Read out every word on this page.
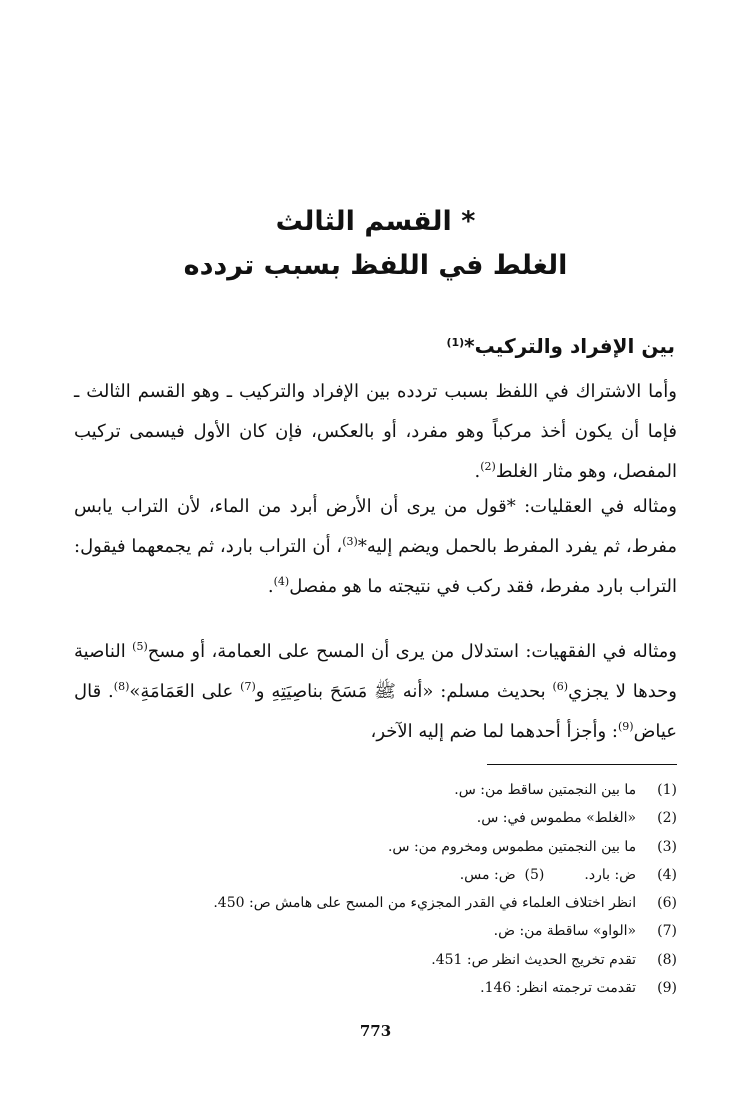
* القسم الثالث
الغلط في اللفظ بسبب تردده
بين الإفراد والتركيب*$^{(1)}$

وأما الاشتراك في اللفظ بسبب تردده بين الإفراد والتركيب ـ وهو القسم الثالث ـ فإما أن يكون أخذ مركباً وهو مفرد، أو بالعكس، فإن كان الأول فيسمى تركيب المفصل، وهو مثار الغلط$^{(2)}$.

ومثاله في العقليات: *قول من يرى أن الأرض أبرد من الماء، لأن التراب يابس مفرط، ثم يفرد المفرط بالحمل ويضم إليه*$^{(3)}$، أن التراب بارد، ثم يجمعهما فيقول: التراب بارد مفرط، فقد ركب في نتيجته ما هو مفصل$^{(4)}$.

ومثاله في الفقهيات: استدلال من يرى أن المسح على العمامة، أو مسح$^{(5)}$ الناصية وحدها لا يجزي$^{(6)}$ بحديث مسلم: «أنه ﷺ مَسَحَ بناصِيَتِهِ و$^{(7)}$ على العَمَامَةِ»$^{(8)}$. قال عياض$^{(9)}$: وأجزأ أحدهما لما ضم إليه الآخر،

(1)

ما بين النجمتين ساقط من: س.
(2)

«الغلط» مطموس في: س.
(3)

ما بين النجمتين مطموس ومخروم من: س.
(4)

ض: بارد.
(5)

ض: مس.
(6)

انظر اختلاف العلماء في القدر المجزيء من المسح على هامش ص: 450.
(7)

«الواو» ساقطة من: ض.
(8)

تقدم تخريج الحديث انظر ص: 451.
(9)

تقدمت ترجمته انظر: 146.
773
